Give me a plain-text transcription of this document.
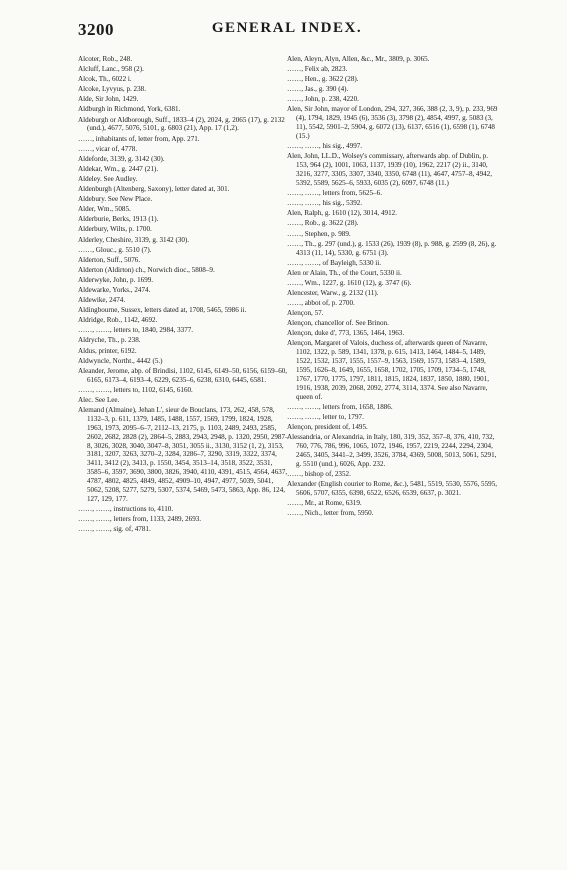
3200	GENERAL INDEX.

Alcoter, Rob., 248.

Alcluff, Lanc., 958 (2).

Alcok, Th., 6022 i.

Alcoke, Lyvyus, p. 238.

Alde, Sir John, 1429.

Aldburgh in Richmond, York, 6381.

Aldeburgh or Aldborough, Suff., 1833–4 (2), 2024, g. 2065 (17), g. 2132 (und.), 4677, 5076, 5101, g. 6803 (21), App. 17 (1,2).

……, inhabitants of, letter from, App. 271.

……, vicar of, 4778.

Aldeforde, 3139, g. 3142 (30).

Aldekar, Wm., g. 2447 (21).

Aldeley. See Audley.

Aldenburgh (Altenberg, Saxony), letter dated at, 301.

Aldebury. See New Place.

Alder, Wm., 5085.

Alderburie, Berks, 1913 (1).

Alderbury, Wilts, p. 1700.

Alderley, Cheshire, 3139, g. 3142 (30).

……, Glouc., g. 5510 (7).

Alderton, Suff., 5076.

Alderton (Aldirton) ch., Norwich dioc., 5808–9.

Alderwyke, John, p. 1699.

Aldewarke, Yorks., 2474.

Aldewike, 2474.

Aldingbourne, Sussex, letters dated at, 1708, 5465, 5986 ii.

Aldridge, Rob., 1142, 4692.

……, ……, letters to, 1840, 2984, 3377.

Aldryche, Th., p. 238.

Aldus, printer, 6192.

Aldwyncle, Northt., 4442 (5.)

Aleander, Jerome, abp. of Brindisi, 1102, 6145, 6149–50, 6156, 6159–60, 6165, 6173–4, 6193–4, 6229, 6235–6, 6238, 6310, 6445, 6581.

……, ……, letters to, 1102, 6145, 6160.

Alec. See Lee.

Alemand (Almaine), Jehan L', sieur de Bouclans, 173, 262, 458, 578, 1132–3, p. 611, 1379, 1485, 1488, 1557, 1569, 1799, 1824, 1928, 1963, 1973, 2095–6–7, 2112–13, 2175, p. 1103, 2489, 2493, 2585, 2602, 2682, 2828 (2), 2864–5, 2883, 2943, 2948, p. 1320, 2950, 2987–8, 3026, 3028, 3040, 3047–8, 3051, 3055 ii., 3130, 3152 (1, 2), 3153, 3181, 3207, 3263, 3270–2, 3284, 3286–7, 3290, 3319, 3322, 3374, 3411, 3412 (2), 3413, p. 1550, 3454, 3513–14, 3518, 3522, 3531, 3585–6, 3597, 3690, 3800, 3826, 3940, 4110, 4391, 4515, 4564, 4637, 4787, 4802, 4825, 4849, 4852, 4909–10, 4947, 4977, 5039, 5041, 5062, 5208, 5277, 5279, 5307, 5374, 5469, 5473, 5863, App. 86, 124, 127, 129, 177.

……, ……, instructions to, 4110.

……, ……, letters from, 1133, 2489, 2693.

……, ……, sig. of, 4781.

Alen, Aleyn, Alyn, Allen, &c., Mr., 3809, p. 3065.

……, Felix ab, 2823.

……, Hen., g. 3622 (28).

……, Jas., g. 390 (4).

……, John, p. 238, 4220.

Alen, Sir John, mayor of London, 294, 327, 366, 388 (2, 3, 9), p. 233, 969 (4), 1794, 1829, 1945 (6), 3536 (3), 3798 (2), 4854, 4997, g. 5083 (3, 11), 5542, 5901–2, 5904, g. 6072 (13), 6137, 6516 (1), 6598 (1), 6748 (15.)

……, ……, his sig., 4997.

Alen, John, LL.D., Wolsey's commissary, afterwards abp. of Dublin, p. 153, 964 (2), 1001, 1063, 1137, 1939 (10), 1962, 2217 (2) ii., 3140, 3216, 3277, 3305, 3307, 3340, 3350, 6748 (11), 4647, 4757–8, 4942, 5392, 5589, 5625–6, 5933, 6035 (2), 6097, 6748 (11.)

……, ……, letters from, 5625–6.

……, ……, his sig., 5392.

Alen, Ralph, g. 1610 (12), 3014, 4912.

……, Rob., g. 3622 (28).

……, Stephen, p. 989.

……, Th., g. 297 (und.), g. 1533 (26), 1939 (8), p. 988, g. 2599 (8, 26), g. 4313 (11, 14), 5330, g. 6751 (3).

……, ……, of Bayleigh, 5330 ii.

Alen or Alain, Th., of the Court, 5330 ii.

……, Wm., 1227, g. 1610 (12), g. 3747 (6).

Alencester, Warw., g. 2132 (11).

……, abbot of, p. 2700.

Alençon, 57.

Alençon, chancellor of. See Brinon.

Alençon, duke d', 773, 1365, 1464, 1963.

Alençon, Margaret of Valois, duchess of, afterwards queen of Navarre, 1102, 1322, p. 589, 1341, 1378, p. 615, 1413, 1464, 1484–5, 1489, 1522, 1532, 1537, 1555, 1557–9, 1563, 1569, 1573, 1583–4, 1589, 1595, 1626–8, 1649, 1655, 1658, 1702, 1705, 1709, 1734–5, 1748, 1767, 1770, 1775, 1797, 1811, 1815, 1824, 1837, 1850, 1880, 1901, 1916, 1938, 2039, 2068, 2092, 2774, 3114, 3374. See also Navarre, queen of.

……, ……, letters from, 1658, 1886.

……, ……, letter to, 1797.

Alençon, president of, 1495.

Alessandria, or Alexandria, in Italy, 180, 319, 352, 357–8, 376, 410, 732, 760, 776, 786, 996, 1065, 1072, 1946, 1957, 2219, 2244, 2294, 2304, 2465, 3405, 3441–2, 3499, 3526, 3784, 4369, 5008, 5013, 5061, 5291, g. 5510 (und.), 6026, App. 232.

……, bishop of, 2352.

Alexander (English courier to Rome, &c.), 5481, 5519, 5530, 5576, 5595, 5606, 5707, 6355, 6398, 6522, 6526, 6539, 6637, p. 3021.

……, Mr., at Rome, 6319.

……, Nich., letter from, 5950.
